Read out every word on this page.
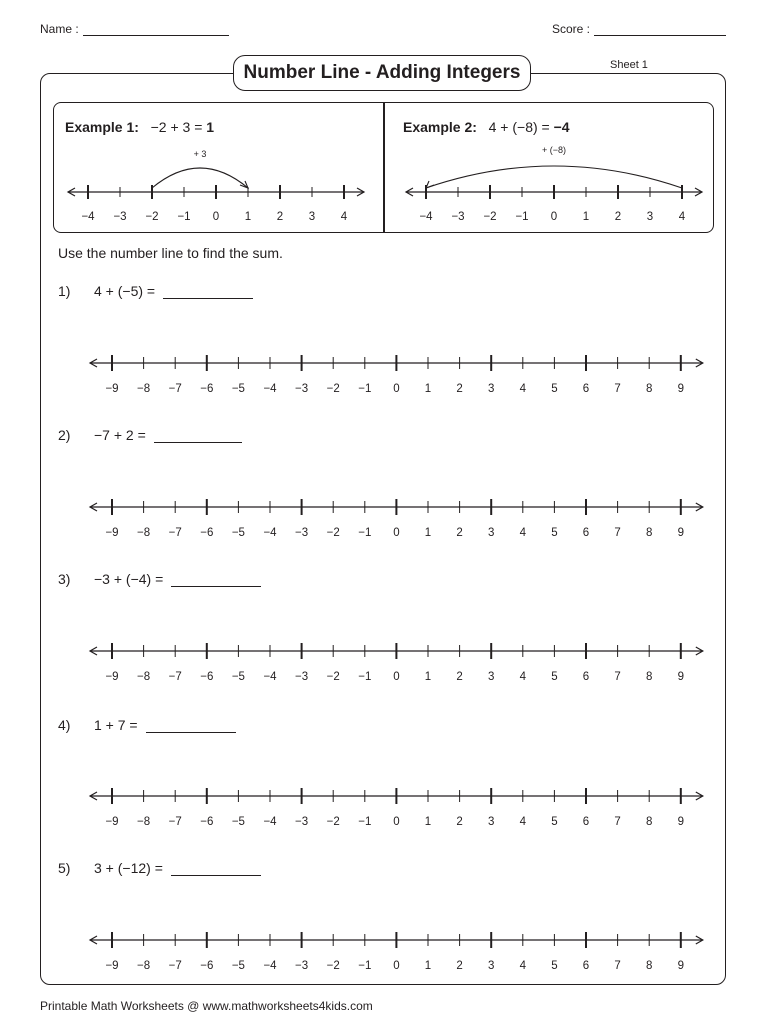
Name :	Score :
Number Line - Adding Integers	Sheet 1
Example 1: −2 + 3 = 1	Example 2: 4 + (−8) = −4
−4 −3 −2 −1 0 1 2 3 4
+ 3
−4 −3 −2 −1 0 1 2 3 4
+ (−8)
Use the number line to find the sum.
1)	4 + (−5) =
−9 −8 −7 −6 −5 −4 −3 −2 −1 0 1 2 3 4 5 6 7 8 9
2)	−7 + 2 =
−9 −8 −7 −6 −5 −4 −3 −2 −1 0 1 2 3 4 5 6 7 8 9
3)	−3 + (−4) =
−9 −8 −7 −6 −5 −4 −3 −2 −1 0 1 2 3 4 5 6 7 8 9
4)	1 + 7 =
−9 −8 −7 −6 −5 −4 −3 −2 −1 0 1 2 3 4 5 6 7 8 9
5)	3 + (−12) =
−9 −8 −7 −6 −5 −4 −3 −2 −1 0 1 2 3 4 5 6 7 8 9
Printable Math Worksheets @ www.mathworksheets4kids.com
